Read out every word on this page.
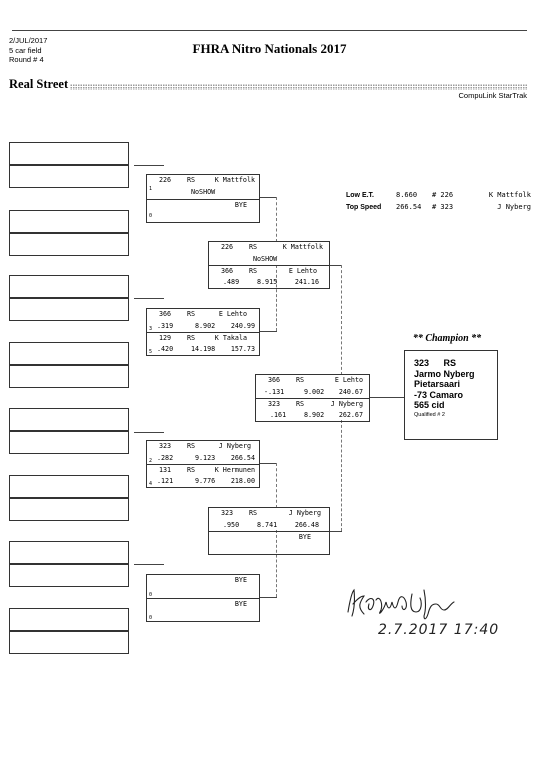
2/JUL/2017
5 car field
Round # 4
FHRA Nitro Nationals 2017
Real Street
CompuLink StarTrak
1
226 RS	K Mattfolk
NoSHOW
BYE
0
366 RS	E Lehto
3 .319	8.902 240.99
129 RS	K Takala
5 .420	14.198 157.73
323 RS	J Nyberg
2 .282	9.123 266.54
131 RS	K Hermunen
4 .121	9.776 218.00
BYE
0
BYE
0
226 RS	K Mattfolk
NoSHOW
366 RS	E Lehto
.489	8.915	241.16
323 RS	J Nyberg
.950	8.741	266.48
BYE
366 RS	E Lehto
-.131	9.002 240.67
323 RS	J Nyberg
.161	8.902 262.67
Low E.T.	8.660 # 226	K Mattfolk
Top Speed 266.54 # 323	J Nyberg
** Champion **
323 RS
Jarmo Nyberg
Pietarsaari
-73 Camaro
565 cid
Qualified # 2
2.7.2017 17:40
